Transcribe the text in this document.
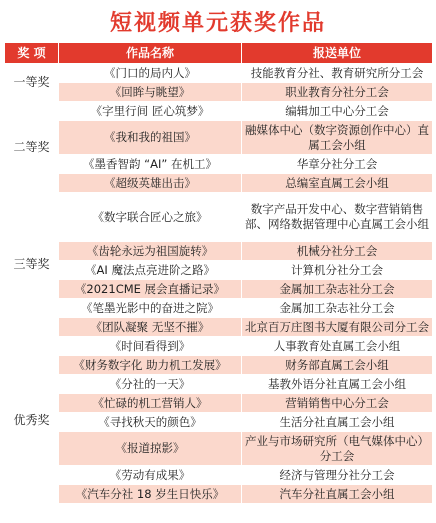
短视频单元获奖作品
奖 项	作品名称	报送单位
一等奖	《门口的局内人》	技能教育分社、教育研究所分工会
	《回眸与眺望》	职业教育分社分工会
二等奖	《字里行间 匠心筑梦》	编辑加工中心分工会
	《我和我的祖国》	融媒体中心（数字资源创作中心）直属工会小组
	《墨香智韵 “AI” 在机工》	华章分社分工会
	《超级英雄出击》	总编室直属工会小组
三等奖	《数字联合匠心之旅》	数字产品开发中心、数字营销销售部、网络数据管理中心直属工会小组
	《齿轮永远为祖国旋转》	机械分社分工会
	《AI 魔法点亮进阶之路》	计算机分社分工会
	《2021CME 展会直播记录》	金属加工杂志社分工会
	《笔墨光影中的奋进之院》	金属加工杂志社分工会
	《团队凝聚 无坚不摧》	北京百万庄图书大厦有限公司分工会
优秀奖	《时间看得到》	人事教育处直属工会小组
	《财务数字化 助力机工发展》	财务部直属工会小组
	《分社的一天》	基教外语分社直属工会小组
	《忙碌的机工营销人》	营销销售中心分工会
	《寻找秋天的颜色》	生活分社直属工会小组
	《报道掠影》	产业与市场研究所（电气媒体中心）分工会
	《劳动有成果》	经济与管理分社分工会
	《汽车分社 18 岁生日快乐》	汽车分社直属工会小组
